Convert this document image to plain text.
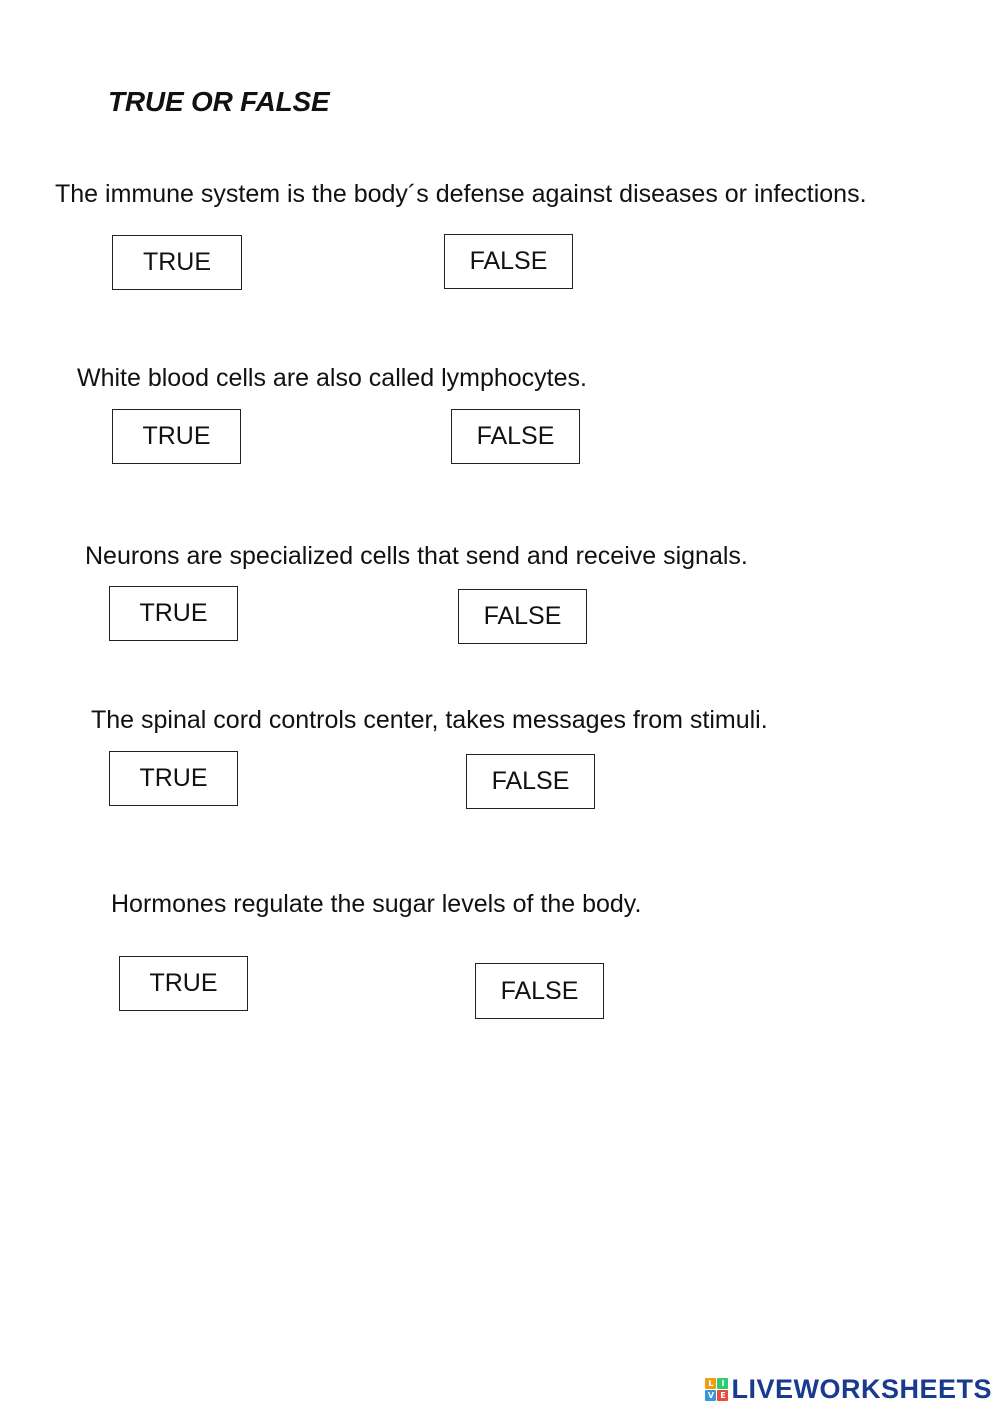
TRUE OR FALSE
The immune system is the body´s defense against diseases or infections.
TRUE	FALSE
White blood cells are also called lymphocytes.
TRUE	FALSE
Neurons are specialized cells that send and receive signals.
TRUE	FALSE
The spinal cord controls center, takes messages from stimuli.
TRUE	FALSE
Hormones regulate the sugar levels of the body.
TRUE	FALSE
L I
V E LIVEWORKSHEETS
